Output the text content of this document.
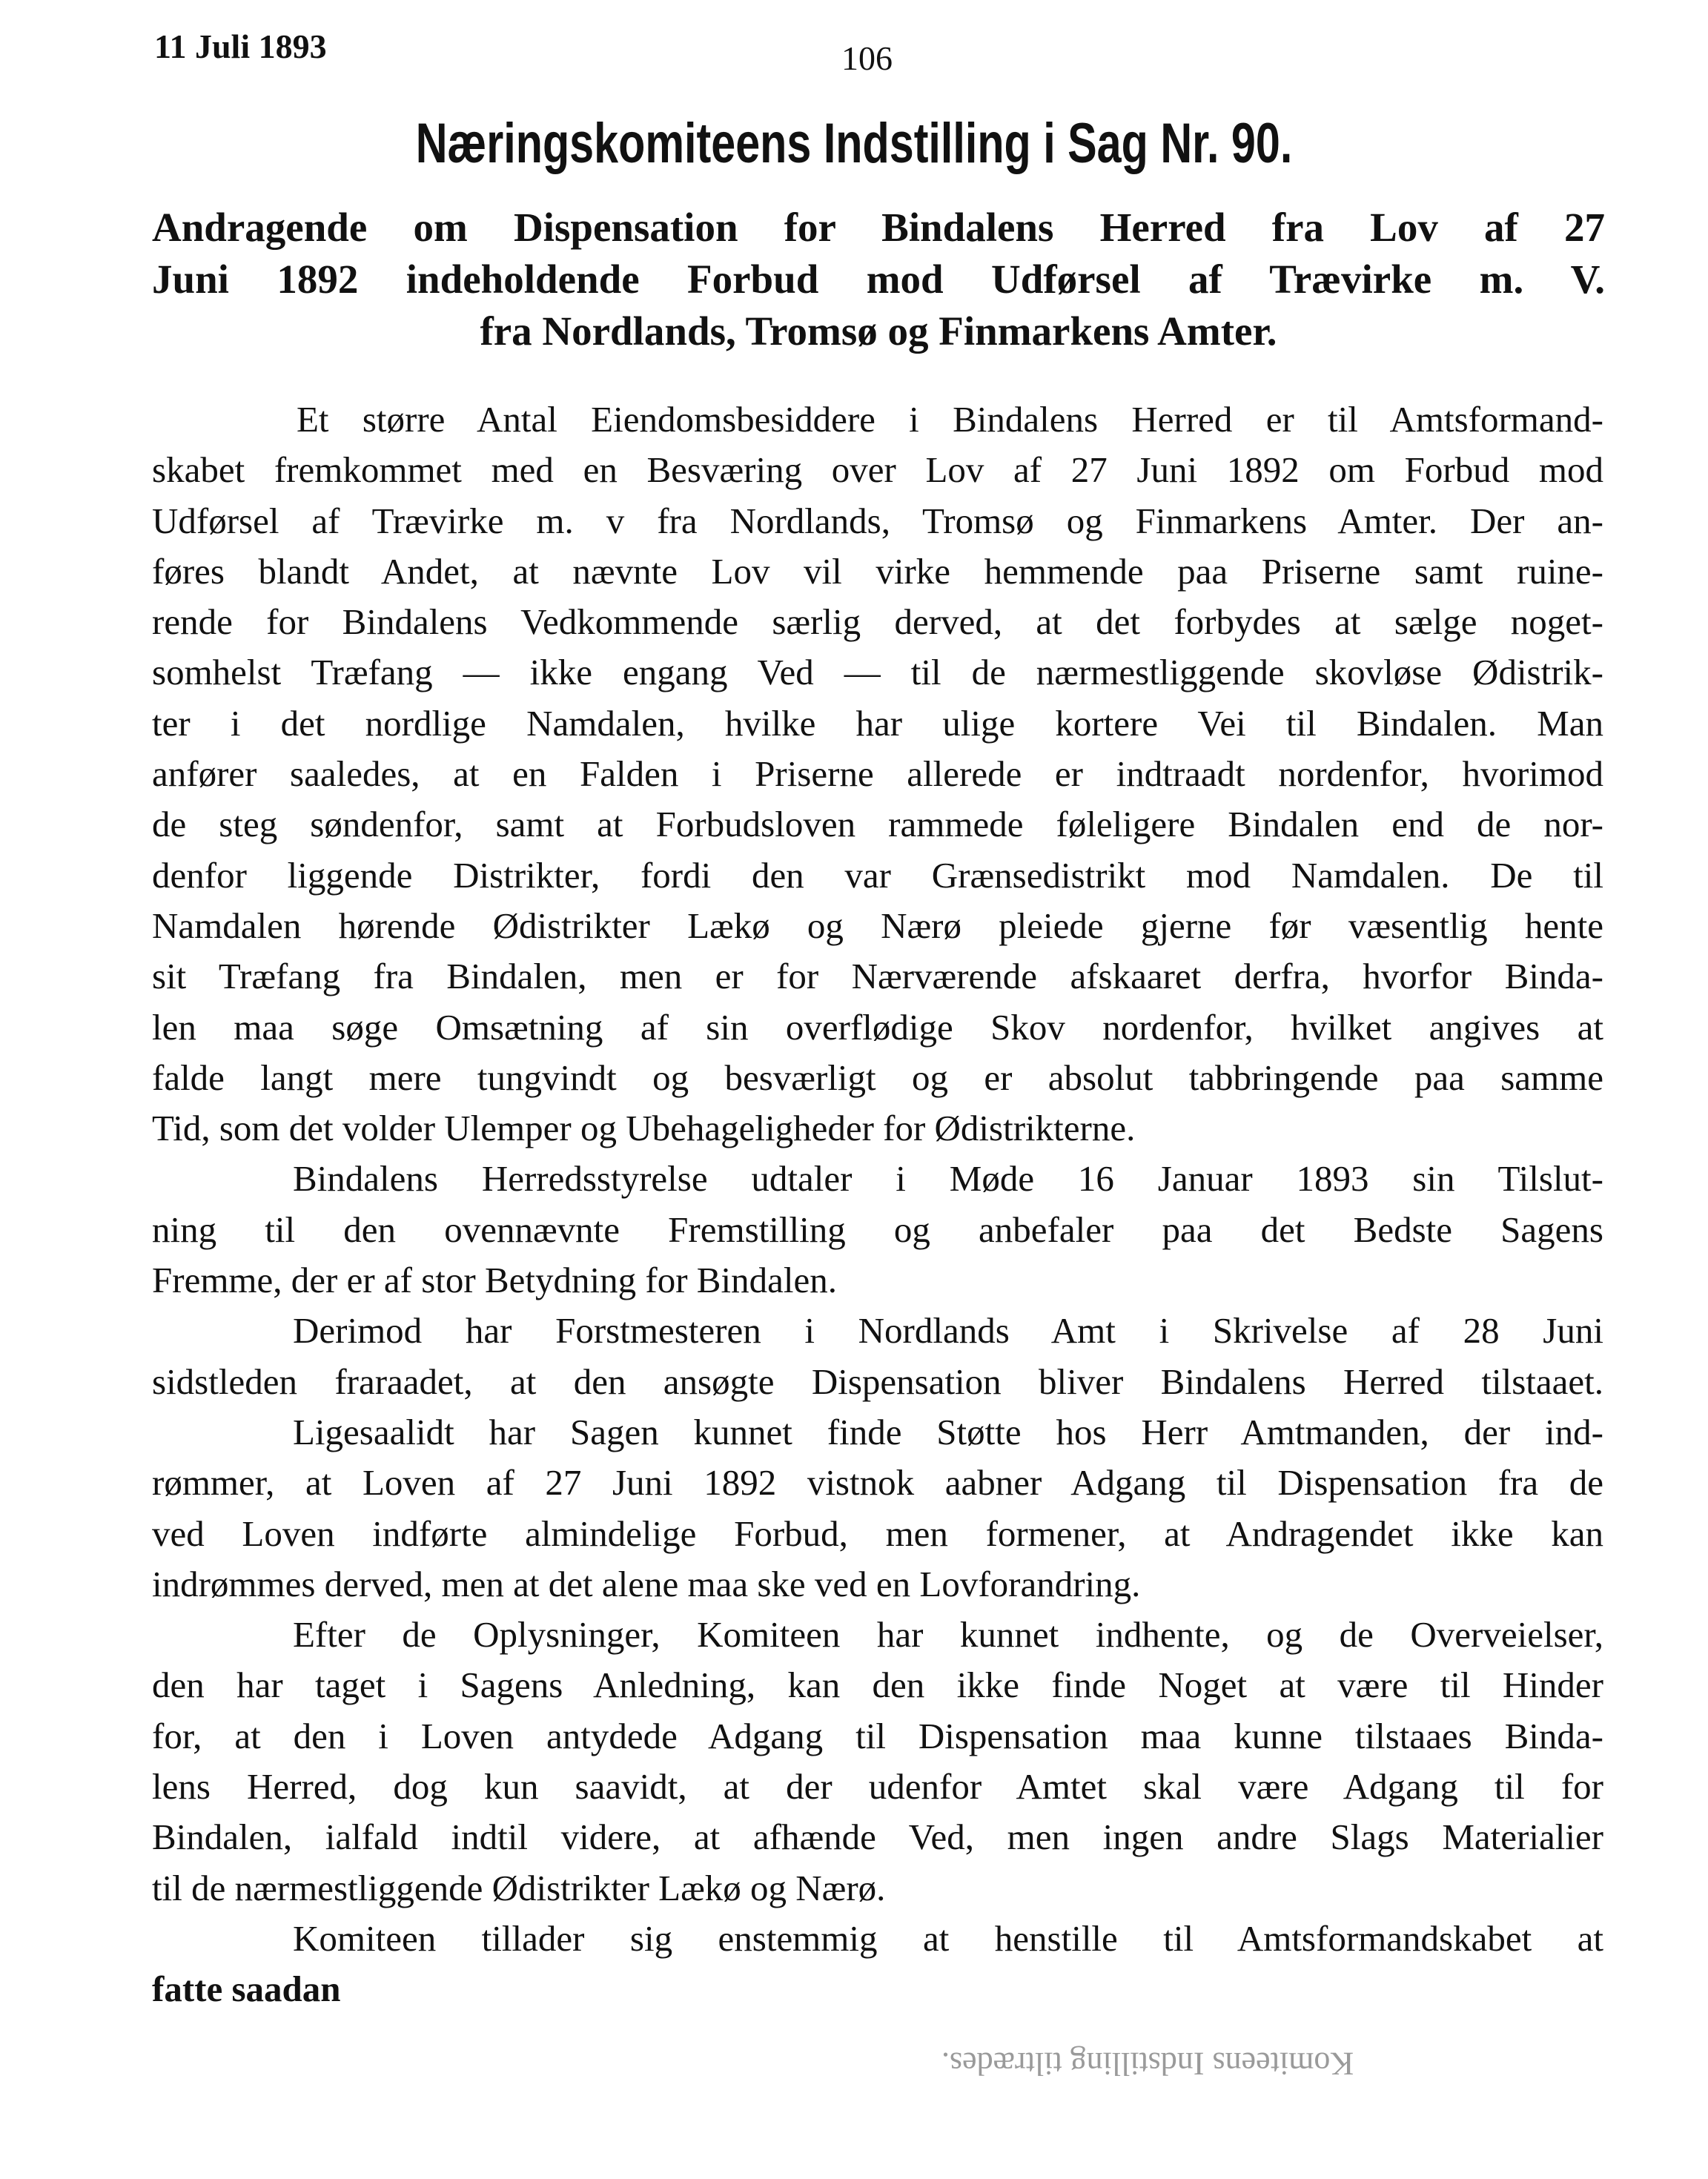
11 Juli 1893	106
Næringskomiteens Indstilling i Sag Nr. 90.
Andragende om Dispensation for Bindalens Herred fra Lov af 27
Juni 1892 indeholdende Forbud mod Udførsel af Trævirke m. V.
fra Nordlands, Tromsø og Finmarkens Amter.
Et større Antal Eiendomsbesiddere i Bindalens Herred er til Amtsformand-
skabet fremkommet med en Besværing over Lov af 27 Juni 1892 om Forbud mod
Udførsel af Trævirke m. v fra Nordlands, Tromsø og Finmarkens Amter. Der an-
føres blandt Andet, at nævnte Lov vil virke hemmende paa Priserne samt ruine-
rende for Bindalens Vedkommende særlig derved, at det forbydes at sælge noget-
somhelst Træfang — ikke engang Ved — til de nærmestliggende skovløse Ødistrik-
ter i det nordlige Namdalen, hvilke har ulige kortere Vei til Bindalen. Man
anfører saaledes, at en Falden i Priserne allerede er indtraadt nordenfor, hvorimod
de steg søndenfor, samt at Forbudsloven rammede føleligere Bindalen end de nor-
denfor liggende Distrikter, fordi den var Grænsedistrikt mod Namdalen. De til
Namdalen hørende Ødistrikter Lækø og Nærø pleiede gjerne før væsentlig hente
sit Træfang fra Bindalen, men er for Nærværende afskaaret derfra, hvorfor Binda-
len maa søge Omsætning af sin overflødige Skov nordenfor, hvilket angives at
falde langt mere tungvindt og besværligt og er absolut tabbringende paa samme
Tid, som det volder Ulemper og Ubehageligheder for Ødistrikterne.
Bindalens Herredsstyrelse udtaler i Møde 16 Januar 1893 sin Tilslut-
ning til den ovennævnte Fremstilling og anbefaler paa det Bedste Sagens
Fremme, der er af stor Betydning for Bindalen.
Derimod har Forstmesteren i Nordlands Amt i Skrivelse af 28 Juni
sidstleden fraraadet, at den ansøgte Dispensation bliver Bindalens Herred tilstaaet.
Ligesaalidt har Sagen kunnet finde Støtte hos Herr Amtmanden, der ind-
rømmer, at Loven af 27 Juni 1892 vistnok aabner Adgang til Dispensation fra de
ved Loven indførte almindelige Forbud, men formener, at Andragendet ikke kan
indrømmes derved, men at det alene maa ske ved en Lovforandring.
Efter de Oplysninger, Komiteen har kunnet indhente, og de Overveielser,
den har taget i Sagens Anledning, kan den ikke finde Noget at være til Hinder
for, at den i Loven antydede Adgang til Dispensation maa kunne tilstaaes Binda-
lens Herred, dog kun saavidt, at der udenfor Amtet skal være Adgang til for
Bindalen, ialfald indtil videre, at afhænde Ved, men ingen andre Slags Materialier
til de nærmestliggende Ødistrikter Lækø og Nærø.
Komiteen tillader sig enstemmig at henstille til Amtsformandskabet at
fatte saadan
Komiteens Indstilling tiltrædes.
